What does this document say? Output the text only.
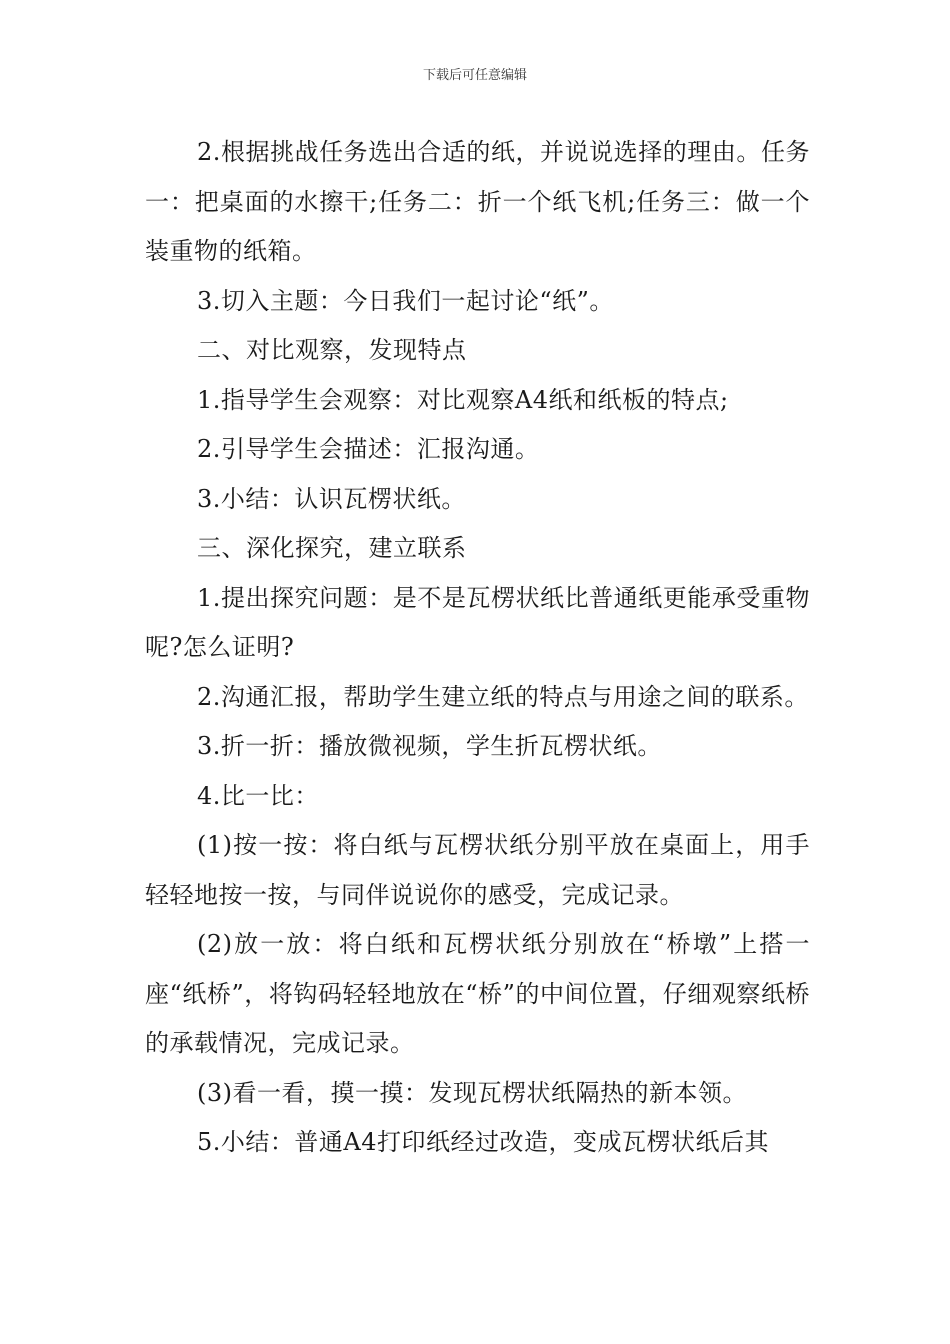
下载后可任意编辑

2.根据挑战任务选出合适的纸，并说说选择的理由。任务一：把桌面的水擦干;任务二：折一个纸飞机;任务三：做一个装重物的纸箱。

3.切入主题：今日我们一起讨论“纸”。

二、对比观察，发现特点

1.指导学生会观察：对比观察A4纸和纸板的特点;

2.引导学生会描述：汇报沟通。

3.小结：认识瓦楞状纸。

三、深化探究，建立联系

1.提出探究问题：是不是瓦楞状纸比普通纸更能承受重物呢?怎么证明?

2.沟通汇报，帮助学生建立纸的特点与用途之间的联系。

3.折一折：播放微视频，学生折瓦楞状纸。

4.比一比：

(1)按一按：将白纸与瓦楞状纸分别平放在桌面上，用手轻轻地按一按，与同伴说说你的感受，完成记录。

(2)放一放：将白纸和瓦楞状纸分别放在“桥墩”上搭一座“纸桥”，将钩码轻轻地放在“桥”的中间位置，仔细观察纸桥的承载情况，完成记录。

(3)看一看，摸一摸：发现瓦楞状纸隔热的新本领。

5.小结：普通A4打印纸经过改造，变成瓦楞状纸后其
